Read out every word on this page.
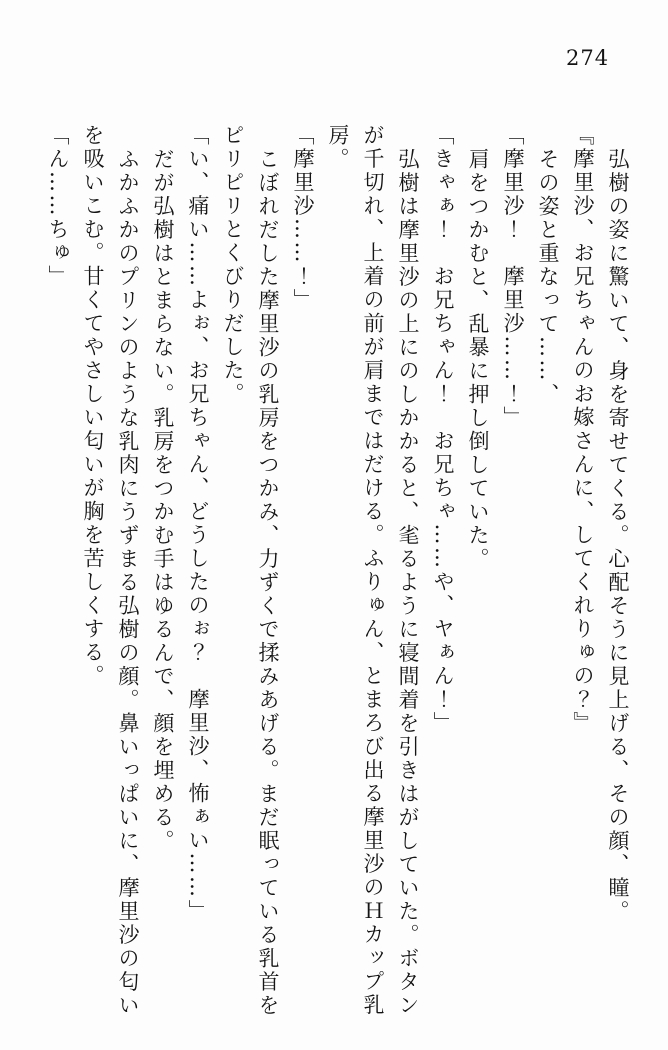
274

弘樹の姿に驚いて、身を寄せてくる。心配そうに見上げる、その顔、瞳。

『摩里沙、お兄ちゃんのお嫁さんに、してくれりゅの？』

その姿と重なって……、

「摩里沙！　摩里沙……！」

肩をつかむと、乱暴に押し倒していた。

「きゃぁ！　お兄ちゃん！　お兄ちゃ……や、ヤぁん！」

弘樹は摩里沙の上にのしかかると、毟るように寝間着を引きはがしていた。ボタン

が千切れ、上着の前が肩まではだける。ふりゅん、とまろび出る摩里沙のＨカップ乳

房。

「摩里沙……！」

こぼれだした摩里沙の乳房をつかみ、力ずくで揉みあげる。まだ眠っている乳首を

ピリピリとくびりだした。

「い、痛い……よぉ、お兄ちゃん、どうしたのぉ？　摩里沙、怖ぁい……」

だが弘樹はとまらない。乳房をつかむ手はゆるんで、顔を埋める。

ふかふかのプリンのような乳肉にうずまる弘樹の顔。鼻いっぱいに、摩里沙の匂い

を吸いこむ。甘くてやさしい匂いが胸を苦しくする。

「ん……ちゅ」
